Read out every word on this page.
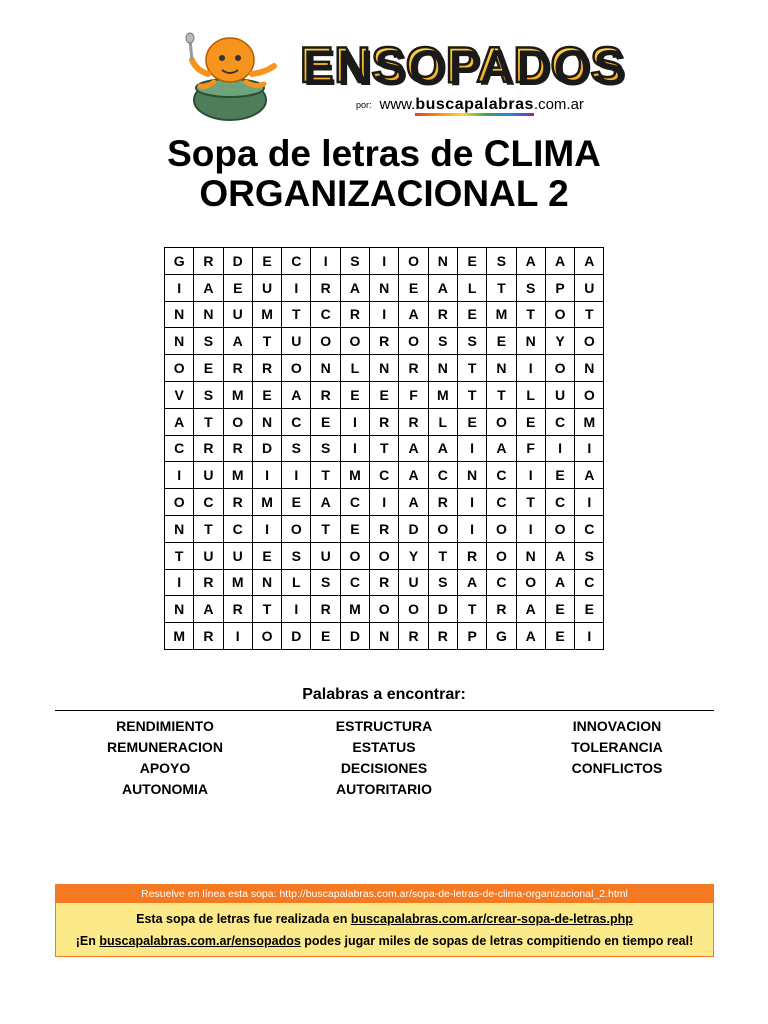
ENSOPADOS
por: www.buscapalabras.com.ar
Sopa de letras de CLIMA
ORGANIZACIONAL 2
G	R	D	E	C	I	S	I	O	N	E	S	A	A	A
I	A	E	U	I	R	A	N	E	A	L	T	S	P	U
N	N	U	M	T	C	R	I	A	R	E	M	T	O	T
N	S	A	T	U	O	O	R	O	S	S	E	N	Y	O
O	E	R	R	O	N	L	N	R	N	T	N	I	O	N
V	S	M	E	A	R	E	E	F	M	T	T	L	U	O
A	T	O	N	C	E	I	R	R	L	E	O	E	C	M
C	R	R	D	S	S	I	T	A	A	I	A	F	I	I
I	U	M	I	I	T	M	C	A	C	N	C	I	E	A
O	C	R	M	E	A	C	I	A	R	I	C	T	C	I
N	T	C	I	O	T	E	R	D	O	I	O	I	O	C
T	U	U	E	S	U	O	O	Y	T	R	O	N	A	S
I	R	M	N	L	S	C	R	U	S	A	C	O	A	C
N	A	R	T	I	R	M	O	O	D	T	R	A	E	E
M	R	I	O	D	E	D	N	R	R	P	G	A	E	I
Palabras a encontrar:
RENDIMIENTO
REMUNERACION
APOYO
AUTONOMIA
ESTRUCTURA
ESTATUS
DECISIONES
AUTORITARIO
INNOVACION
TOLERANCIA
CONFLICTOS
Resuelve en línea esta sopa: http://buscapalabras.com.ar/sopa-de-letras-de-clima-organizacional_2.html
Esta sopa de letras fue realizada en buscapalabras.com.ar/crear-sopa-de-letras.php
¡En buscapalabras.com.ar/ensopados podes jugar miles de sopas de letras compitiendo en tiempo real!
